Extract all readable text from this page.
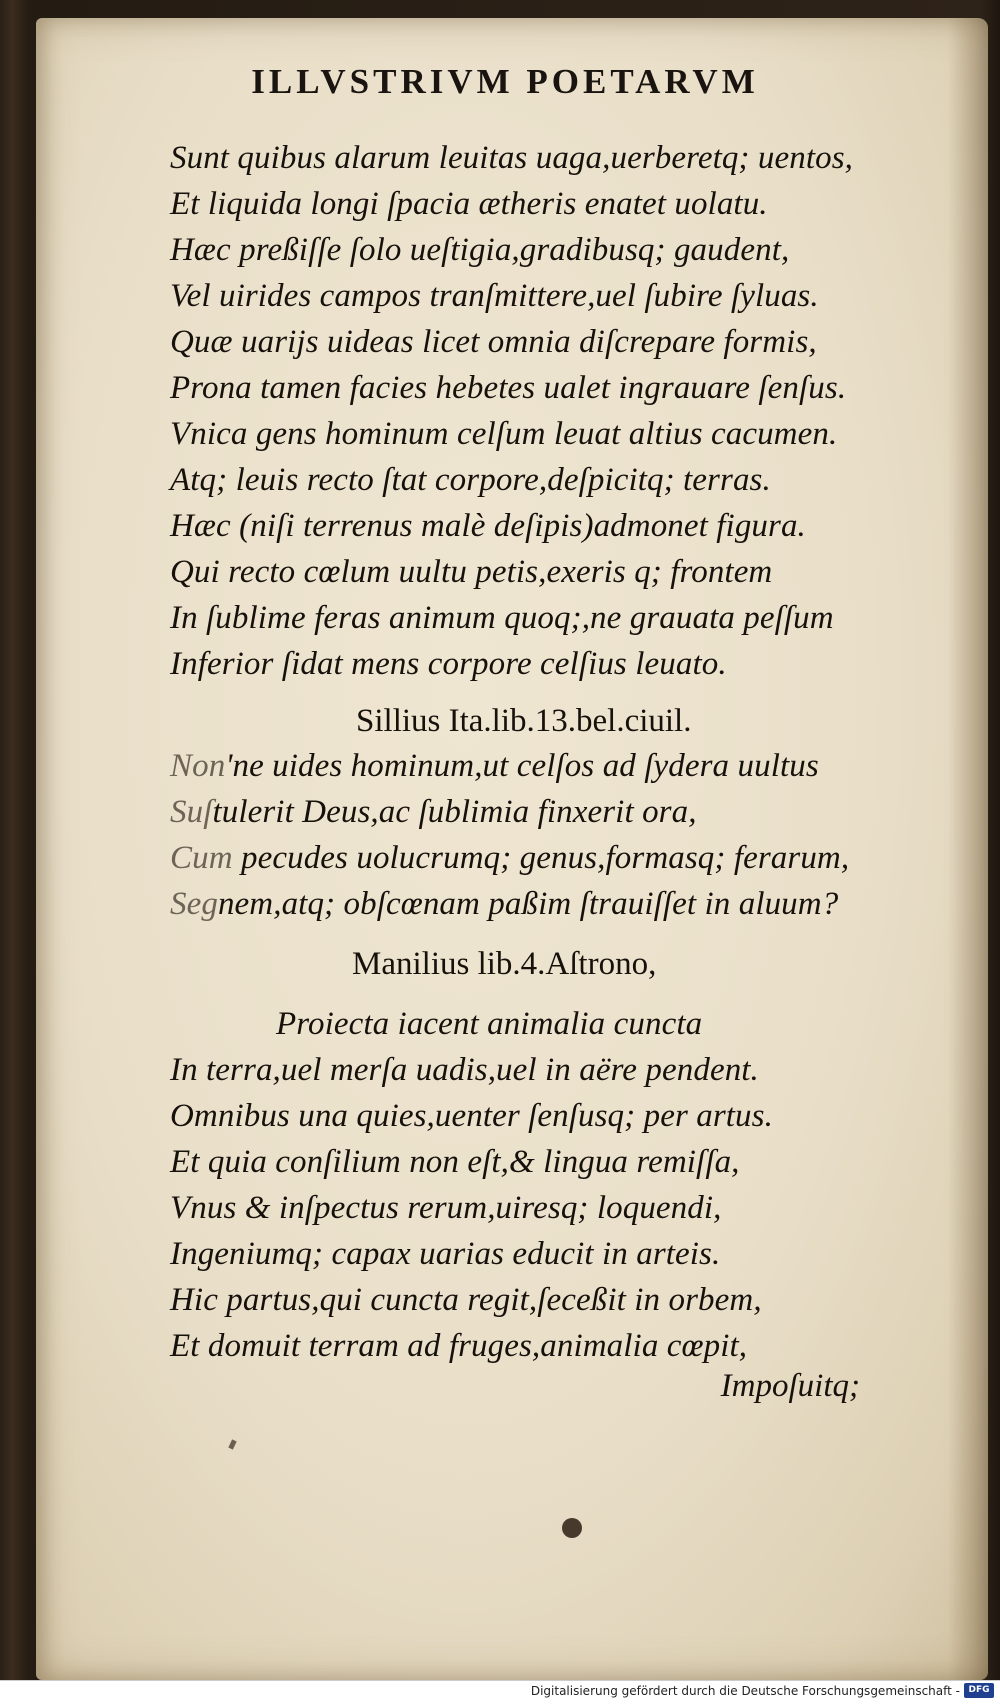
ILLVSTRIVM POETARVM
Sunt quibus alarum leuitas uaga,uerberetq; uentos,
Et liquida longi ſpacia ætheris enatet uolatu.
Hæc preßiſſe ſolo ueſtigia,gradibusq; gaudent,
Vel uirides campos tranſmittere,uel ſubire ſyluas.
Quæ uarijs uideas licet omnia diſcrepare formis,
Prona tamen facies hebetes ualet ingrauare ſenſus.
Vnica gens hominum celſum leuat altius cacumen.
Atq; leuis recto ſtat corpore,deſpicitq; terras.
Hæc (niſi terrenus malè deſipis)admonet figura.
Qui recto cœlum uultu petis,exeris q; frontem
In ſublime feras animum quoq;,ne grauata peſſum
Inferior ſidat mens corpore celſius leuato.
Sillius Ita.lib.13.bel.ciuil.
Non'ne uides hominum,ut celſos ad ſydera uultus
Suſtulerit Deus,ac ſublimia finxerit ora,
Cum pecudes uolucrumq; genus,formasq; ferarum,
Segnem,atq; obſcœnam paßim ſtrauiſſet in aluum?
Manilius lib.4.Aſtrono,
Proiecta iacent animalia cuncta
In terra,uel merſa uadis,uel in aëre pendent.
Omnibus una quies,uenter ſenſusq; per artus.
Et quia conſilium non eſt,& lingua remiſſa,
Vnus & inſpectus rerum,uiresq; loquendi,
Ingeniumq; capax uarias educit in arteis.
Hic partus,qui cuncta regit,ſeceßit in orbem,
Et domuit terram ad fruges,animalia cœpit,
Impoſuitq;
Digitalisierung gefördert durch die Deutsche Forschungsgemeinschaft - DFG
